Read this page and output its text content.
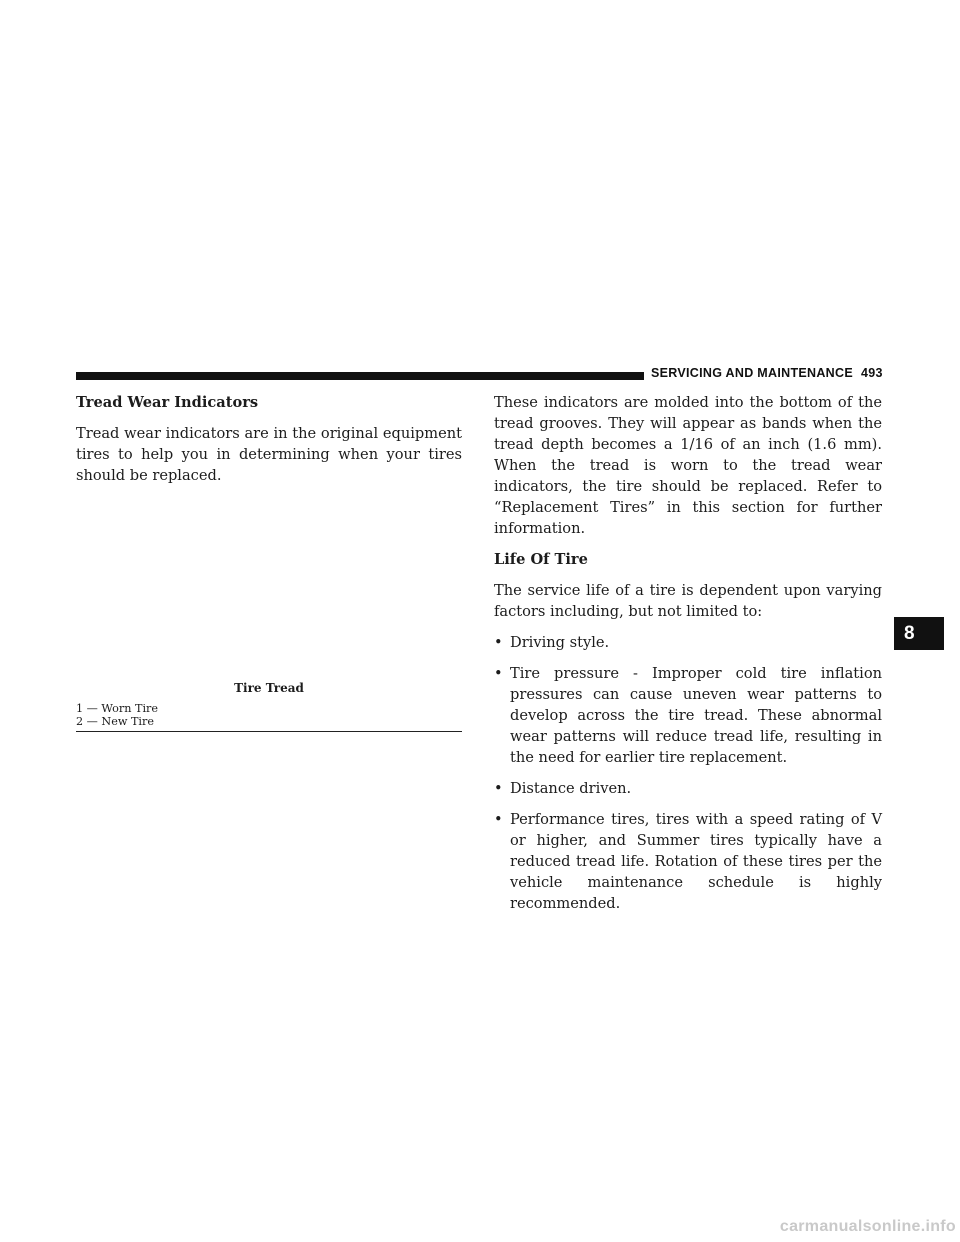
SERVICING AND MAINTENANCE 493
Tread Wear Indicators

Tread wear indicators are in the original equipment tires to help you in determining when your tires should be replaced.

Tire Tread
1 — Worn Tire
2 — New Tire

These indicators are molded into the bottom of the tread grooves. They will appear as bands when the tread depth becomes a 1/16 of an inch (1.6 mm). When the tread is worn to the tread wear indicators, the tire should be replaced. Refer to “Replacement Tires” in this section for further information.

Life Of Tire

The service life of a tire is dependent upon varying factors including, but not limited to:

• Driving style.
• Tire pressure - Improper cold tire inflation pressures can cause uneven wear patterns to develop across the tire tread. These abnormal wear patterns will reduce tread life, resulting in the need for earlier tire replacement.
• Distance driven.
• Performance tires, tires with a speed rating of V or higher, and Summer tires typically have a reduced tread life. Rotation of these tires per the vehicle maintenance schedule is highly recommended.
8
carmanualsonline.info
